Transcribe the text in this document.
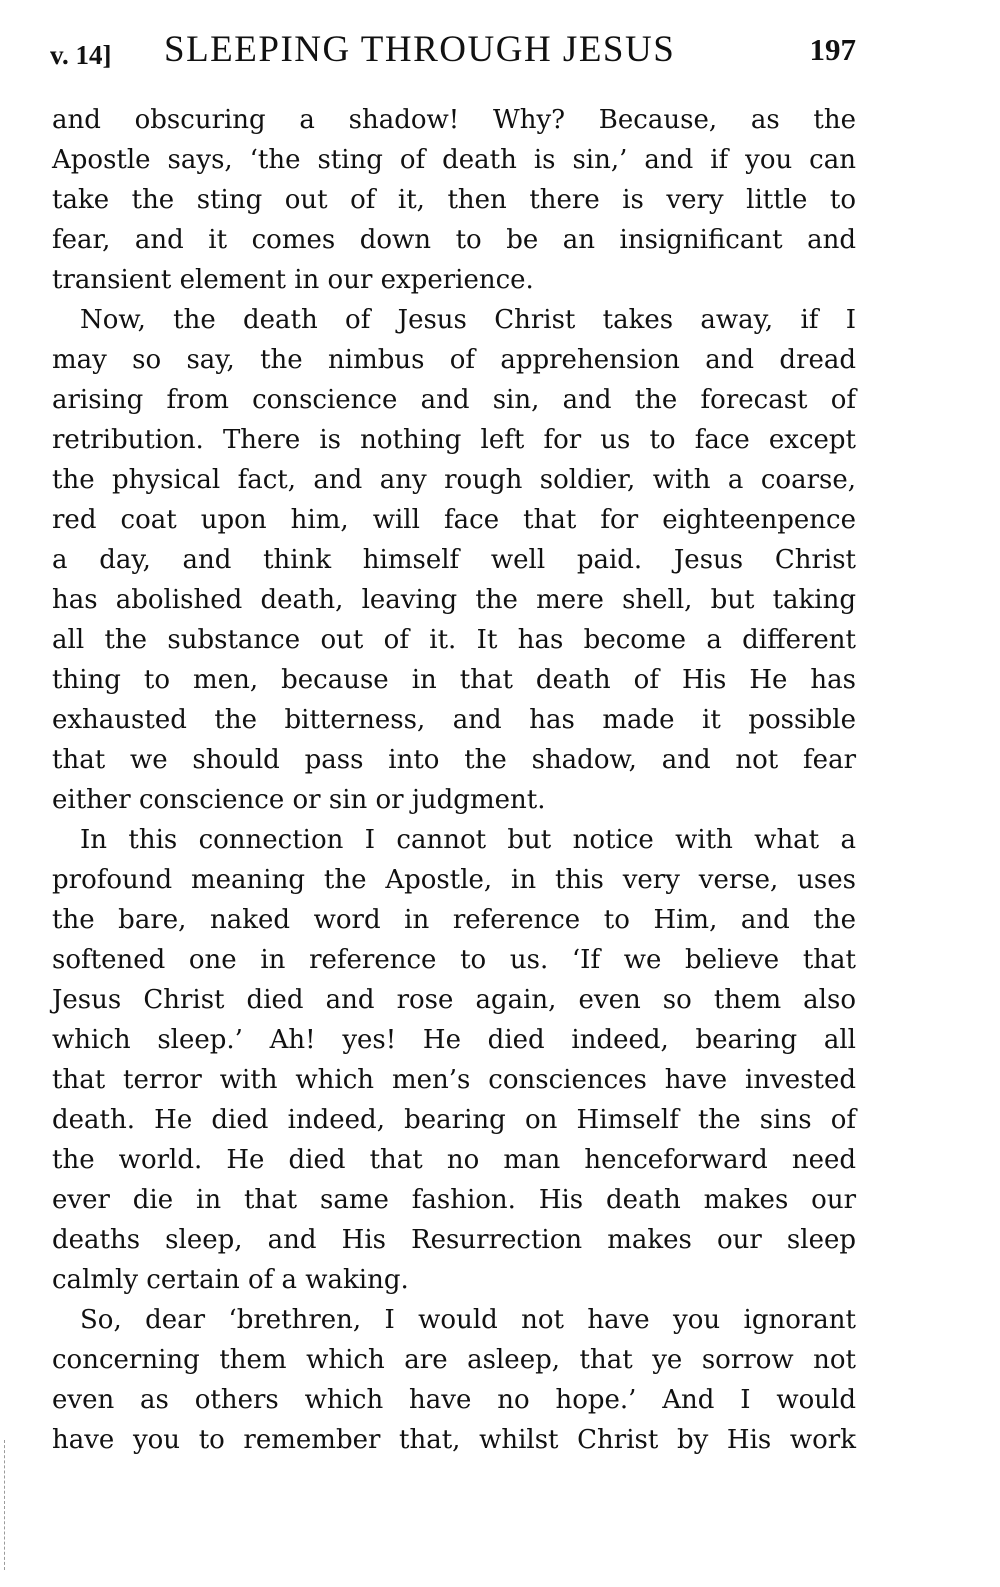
v. 14] SLEEPING THROUGH JESUS	197

and obscuring a shadow! Why? Because, as the
Apostle says, ‘the sting of death is sin,’ and if you can
take the sting out of it, then there is very little to
fear, and it comes down to be an insignificant and
transient element in our experience.

Now, the death of Jesus Christ takes away, if I
may so say, the nimbus of apprehension and dread
arising from conscience and sin, and the forecast of
retribution. There is nothing left for us to face except
the physical fact, and any rough soldier, with a coarse,
red coat upon him, will face that for eighteenpence
a day, and think himself well paid. Jesus Christ
has abolished death, leaving the mere shell, but taking
all the substance out of it. It has become a different
thing to men, because in that death of His He has
exhausted the bitterness, and has made it possible
that we should pass into the shadow, and not fear
either conscience or sin or judgment.

In this connection I cannot but notice with what a
profound meaning the Apostle, in this very verse, uses
the bare, naked word in reference to Him, and the
softened one in reference to us. ‘If we believe that
Jesus Christ died and rose again, even so them also
which sleep.’ Ah! yes! He died indeed, bearing all
that terror with which men’s consciences have invested
death. He died indeed, bearing on Himself the sins of
the world. He died that no man henceforward need
ever die in that same fashion. His death makes our
deaths sleep, and His Resurrection makes our sleep
calmly certain of a waking.

So, dear ‘brethren, I would not have you ignorant
concerning them which are asleep, that ye sorrow not
even as others which have no hope.’ And I would
have you to remember that, whilst Christ by His work
